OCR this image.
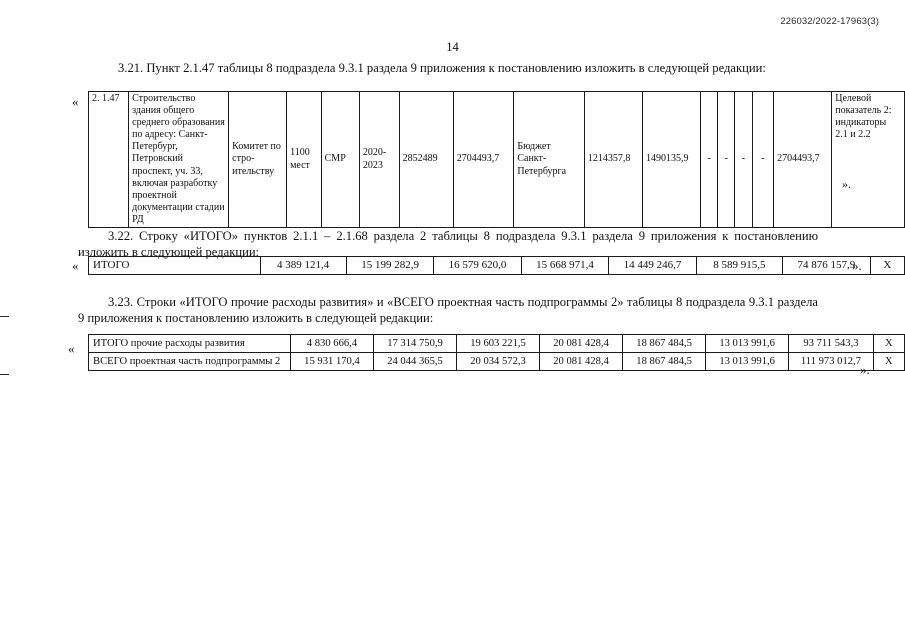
226032/2022-17963(3)
14
3.21. Пункт 2.1.47 таблицы 8 подраздела 9.3.1 раздела 9 приложения к постановлению изложить в следующей редакции:
« 2. 1.47	Строительство здания общего среднего образования по адресу: Санкт-Петербург, Петровский проспект, уч. 33, включая разработку проектной документации стадии РД	Комитет по стро-ительству	1100 мест	СМР	2020-2023	2852489	2704493,7	Бюджет Санкт-Петербурга	1214357,8	1490135,9	-	-	-	-	2704493,7	Целевой показатель 2: индикаторы 2.1 и 2.2
».
3.22. Строку «ИТОГО» пунктов 2.1.1 – 2.1.68 раздела 2 таблицы 8 подраздела 9.3.1 раздела 9 приложения к постановлению изложить в следующей редакции:
« ИТОГО	4 389 121,4	15 199 282,9	16 579 620,0	15 668 971,4	14 449 246,7	8 589 915,5	74 876 157,9	X
».
3.23. Строки «ИТОГО прочие расходы развития» и «ВСЕГО проектная часть подпрограммы 2» таблицы 8 подраздела 9.3.1 раздела 9 приложения к постановлению изложить в следующей редакции:
« ИТОГО прочие расходы развития	4 830 666,4	17 314 750,9	19 603 221,5	20 081 428,4	18 867 484,5	13 013 991,6	93 711 543,3	X
ВСЕГО проектная часть подпрограммы 2	15 931 170,4	24 044 365,5	20 034 572,3	20 081 428,4	18 867 484,5	13 013 991,6	111 973 012,7	X
».
